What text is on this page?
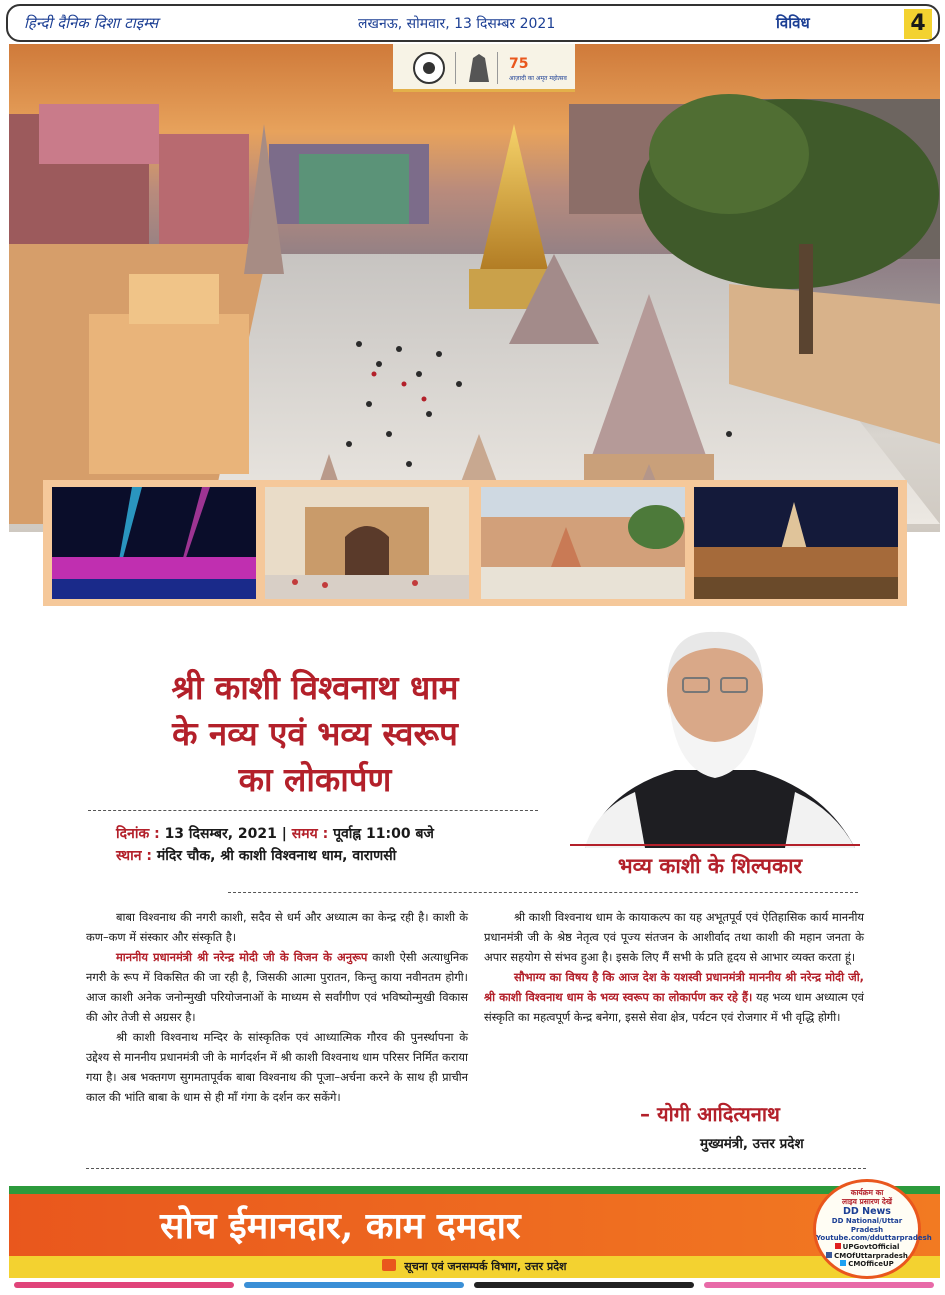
हिन्दी दैनिक दिशा टाइम्स	लखनऊ, सोमवार, 13 दिसम्बर 2021	विविध	4
75
आज़ादी का अमृत महोत्सव
श्री काशी विश्वनाथ धाम
के नव्य एवं भव्य स्वरूप
का लोकार्पण
दिनांक : 13 दिसम्बर, 2021 | समय : पूर्वाह्न 11:00 बजे
स्थान : मंदिर चौक, श्री काशी विश्वनाथ धाम, वाराणसी	भव्य काशी के शिल्पकार

बाबा विश्वनाथ की नगरी काशी, सदैव से धर्म और अध्यात्म का केन्द्र रही है। काशी के कण–कण में संस्कार और संस्कृति है।

माननीय प्रधानमंत्री श्री नरेन्द्र मोदी जी के विजन के अनुरूप काशी ऐसी अत्याधुनिक नगरी के रूप में विकसित की जा रही है, जिसकी आत्मा पुरातन, किन्तु काया नवीनतम होगी। आज काशी अनेक जनोन्मुखी परियोजनाओं के माध्यम से सर्वांगीण एवं भविष्योन्मुखी विकास की ओर तेजी से अग्रसर है।

श्री काशी विश्वनाथ मन्दिर के सांस्कृतिक एवं आध्यात्मिक गौरव की पुनर्स्थापना के उद्देश्य से माननीय प्रधानमंत्री जी के मार्गदर्शन में श्री काशी विश्वनाथ धाम परिसर निर्मित कराया गया है। अब भक्तगण सुगमतापूर्वक बाबा विश्वनाथ की पूजा–अर्चना करने के साथ ही प्राचीन काल की भांति बाबा के धाम से ही माँ गंगा के दर्शन कर सकेंगे।

श्री काशी विश्वनाथ धाम के कायाकल्प का यह अभूतपूर्व एवं ऐतिहासिक कार्य माननीय प्रधानमंत्री जी के श्रेष्ठ नेतृत्व एवं पूज्य संतजन के आशीर्वाद तथा काशी की महान जनता के अपार सहयोग से संभव हुआ है। इसके लिए मैं सभी के प्रति हृदय से आभार व्यक्त करता हूं।

सौभाग्य का विषय है कि आज देश के यशस्वी प्रधानमंत्री माननीय श्री नरेन्द्र मोदी जी, श्री काशी विश्वनाथ धाम के भव्य स्वरूप का लोकार्पण कर रहे हैं। यह भव्य धाम अध्यात्म एवं संस्कृति का महत्वपूर्ण केन्द्र बनेगा, इससे सेवा क्षेत्र, पर्यटन एवं रोजगार में भी वृद्धि होगी।

– योगी आदित्यनाथ
मुख्यमंत्री, उत्तर प्रदेश
सोच ईमानदार, काम दमदार
सूचना एवं जनसम्पर्क विभाग, उत्तर प्रदेश
कार्यक्रम का
लाइव प्रसारण देखें
DD News
DD National/Uttar Pradesh
Youtube.com/dduttarpradesh
UPGovtOfficial
CMOfUttarpradesh
CMOfficeUP
